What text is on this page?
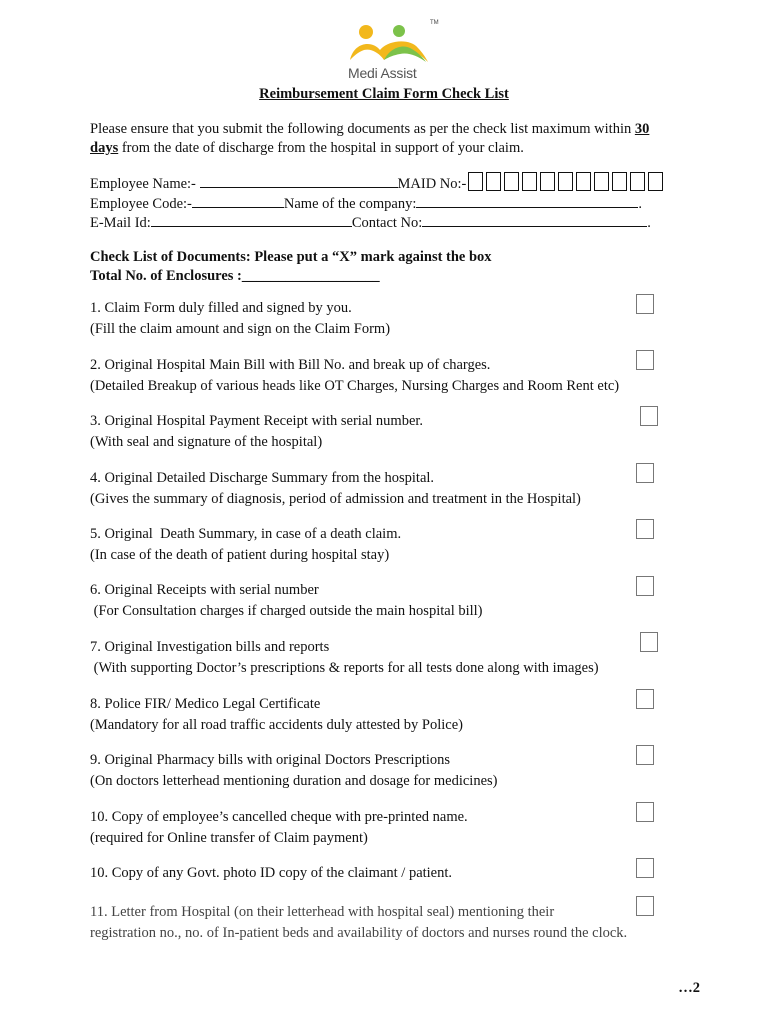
Medi Assist
TM
Reimbursement Claim Form Check List
Please ensure that you submit the following documents as per the check list maximum within 30 days from the date of discharge from the hospital in support of your claim.
Employee Name:-	MAID No:-
Employee Code:-	Name of the company:	.
E-Mail Id:	Contact No:	.
Check List of Documents: Please put a “X” mark against the box
Total No. of Enclosures :___________________
1. Claim Form duly filled and signed by you.
(Fill the claim amount and sign on the Claim Form)
2. Original Hospital Main Bill with Bill No. and break up of charges.
(Detailed Breakup of various heads like OT Charges, Nursing Charges and Room Rent etc)
3. Original Hospital Payment Receipt with serial number.
(With seal and signature of the hospital)
4. Original Detailed Discharge Summary from the hospital.
(Gives the summary of diagnosis, period of admission and treatment in the Hospital)
5. Original  Death Summary, in case of a death claim.
(In case of the death of patient during hospital stay)
6. Original Receipts with serial number
(For Consultation charges if charged outside the main hospital bill)
7. Original Investigation bills and reports
(With supporting Doctor’s prescriptions & reports for all tests done along with images)
8. Police FIR/ Medico Legal Certificate
(Mandatory for all road traffic accidents duly attested by Police)
9. Original Pharmacy bills with original Doctors Prescriptions
(On doctors letterhead mentioning duration and dosage for medicines)
10. Copy of employee’s cancelled cheque with pre-printed name.
(required for Online transfer of Claim payment)
10. Copy of any Govt. photo ID copy of the claimant / patient.
11. Letter from Hospital (on their letterhead with hospital seal) mentioning their
registration no., no. of In-patient beds and availability of doctors and nurses round the clock.
…2
